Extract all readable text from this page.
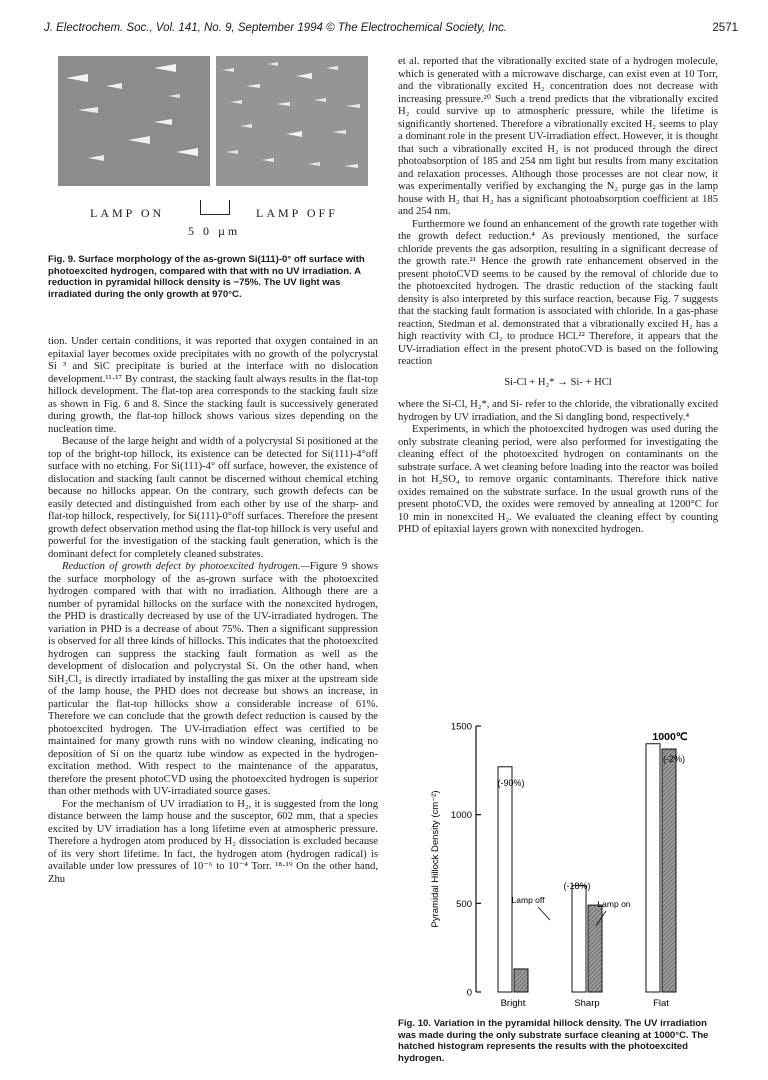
J. Electrochem. Soc., Vol. 141, No. 9, September 1994 © The Electrochemical Society, Inc.	2571
LAMP ON	LAMP OFF
5 0 µm
Fig. 9. Surface morphology of the as-grown Si(111)-0° off surface with photoexcited hydrogen, compared with that with no UV irradiation. A reduction in pyramidal hillock density is −75%. The UV light was irradiated during the only growth at 970°C.

tion. Under certain conditions, it was reported that oxygen contained in an epitaxial layer becomes oxide precipitates with no growth of the polycrystal Si ³ and SiC precipitate is buried at the interface with no dislocation development.¹¹·¹⁷ By contrast, the stacking fault always results in the flat-top hillock development. The flat-top area corresponds to the stacking fault size as shown in Fig. 6 and 8. Since the stacking fault is successively generated during growth, the flat-top hillock shows various sizes depending on the nucleation time.

Because of the large height and width of a polycrystal Si positioned at the top of the bright-top hillock, its existence can be detected for Si(111)-4°off surface with no etching. For Si(111)-4° off surface, however, the existence of dislocation and stacking fault cannot be discerned without chemical etching because no hillocks appear. On the contrary, such growth defects can be easily detected and distinguished from each other by use of the sharp- and flat-top hillock, respectively, for Si(111)-0°off surfaces. Therefore the present growth defect observation method using the flat-top hillock is very useful and powerful for the investigation of the stacking fault generation, which is the dominant defect for completely cleaned substrates.

Reduction of growth defect by photoexcited hydrogen.—Figure 9 shows the surface morphology of the as-grown surface with the photoexcited hydrogen compared with that with no irradiation. Although there are a number of pyramidal hillocks on the surface with the nonexcited hydrogen, the PHD is drastically decreased by use of the UV-irradiated hydrogen. The variation in PHD is a decrease of about 75%. Then a significant suppression is observed for all three kinds of hillocks. This indicates that the photoexcited hydrogen can suppress the stacking fault formation as well as the development of dislocation and polycrystal Si. On the other hand, when SiH₂Cl₂ is directly irradiated by installing the gas mixer at the upstream side of the lamp house, the PHD does not decrease but shows an increase, in particular the flat-top hillocks show a considerable increase of 61%. Therefore we can conclude that the growth defect reduction is caused by the photoexcited hydrogen. The UV-irradiation effect was certified to be maintained for many growth runs with no window cleaning, indicating no deposition of Si on the quartz tube window as expected in the hydrogen-excitation method. With respect to the maintenance of the apparatus, therefore the present photoCVD using the photoexcited hydrogen is superior than other methods with UV-irradiated source gases.

For the mechanism of UV irradiation to H₂, it is suggested from the long distance between the lamp house and the susceptor, 602 mm, that a species excited by UV irradiation has a long lifetime even at atmospheric pressure. Therefore a hydrogen atom produced by H₂ dissociation is excluded because of its very short lifetime. In fact, the hydrogen atom (hydrogen radical) is available under low pressures of 10⁻⁶ to 10⁻⁴ Torr. ¹⁸·¹⁹ On the other hand, Zhu

et al. reported that the vibrationally excited state of a hydrogen molecule, which is generated with a microwave discharge, can exist even at 10 Torr, and the vibrationally excited H₂ concentration does not decrease with increasing pressure.²⁰ Such a trend predicts that the vibrationally excited H₂ could survive up to atmospheric pressure, while the lifetime is significantly shortened. Therefore a vibrationally excited H₂ seems to play a dominant role in the present UV-irradiation effect. However, it is thought that such a vibrationally excited H₂ is not produced through the direct photoabsorption of 185 and 254 nm light but results from many excitation and relaxation processes. Although those processes are not clear now, it was experimentally verified by exchanging the N₂ purge gas in the lamp house with H₂ that H₂ has a significant photoabsorption coefficient at 185 and 254 nm.

Furthermore we found an enhancement of the growth rate together with the growth defect reduction.⁴ As previously mentioned, the surface chloride prevents the gas adsorption, resulting in a significant decrease of the growth rate.²¹ Hence the growth rate enhancement observed in the present photoCVD seems to be caused by the removal of chloride due to the photoexcited hydrogen. The drastic reduction of the stacking fault density is also interpreted by this surface reaction, because Fig. 7 suggests that the stacking fault formation is associated with chloride. In a gas-phase reaction, Stedman et al. demonstrated that a vibrationally excited H₂ has a high reactivity with Cl₂ to produce HCl.²² Therefore, it appears that the UV-irradiation effect in the present photoCVD is based on the following reaction

Si-Cl + H₂* → Si- + HCl

where the Si-Cl, H₂*, and Si- refer to the chloride, the vibrationally excited hydrogen by UV irradiation, and the Si dangling bond, respectively.⁴

Experiments, in which the photoexcited hydrogen was used during the only substrate cleaning period, were also performed for investigating the cleaning effect of the photoexcited hydrogen on contaminants on the substrate surface. A wet cleaning before loading into the reactor was boiled in hot H₂SO₄ to remove organic contaminants. Therefore thick native oxides remained on the substrate surface. In the usual growth runs of the present photoCVD, the oxides were removed by annealing at 1200°C for 10 min in nonexcited H₂. We evaluated the cleaning effect by counting PHD of epitaxial layers grown with nonexcited hydrogen.

0
500
1000
1500
Pyramidal Hillock Density (cm⁻²)
Bright	Sharp	Flat
1000℃
(-2%)
(-90%)
(-18%)
Lamp off	Lamp on
Fig. 10. Variation in the pyramidal hillock density. The UV irradiation was made during the only substrate surface cleaning at 1000°C. The hatched histogram represents the results with the photoexcited hydrogen.
